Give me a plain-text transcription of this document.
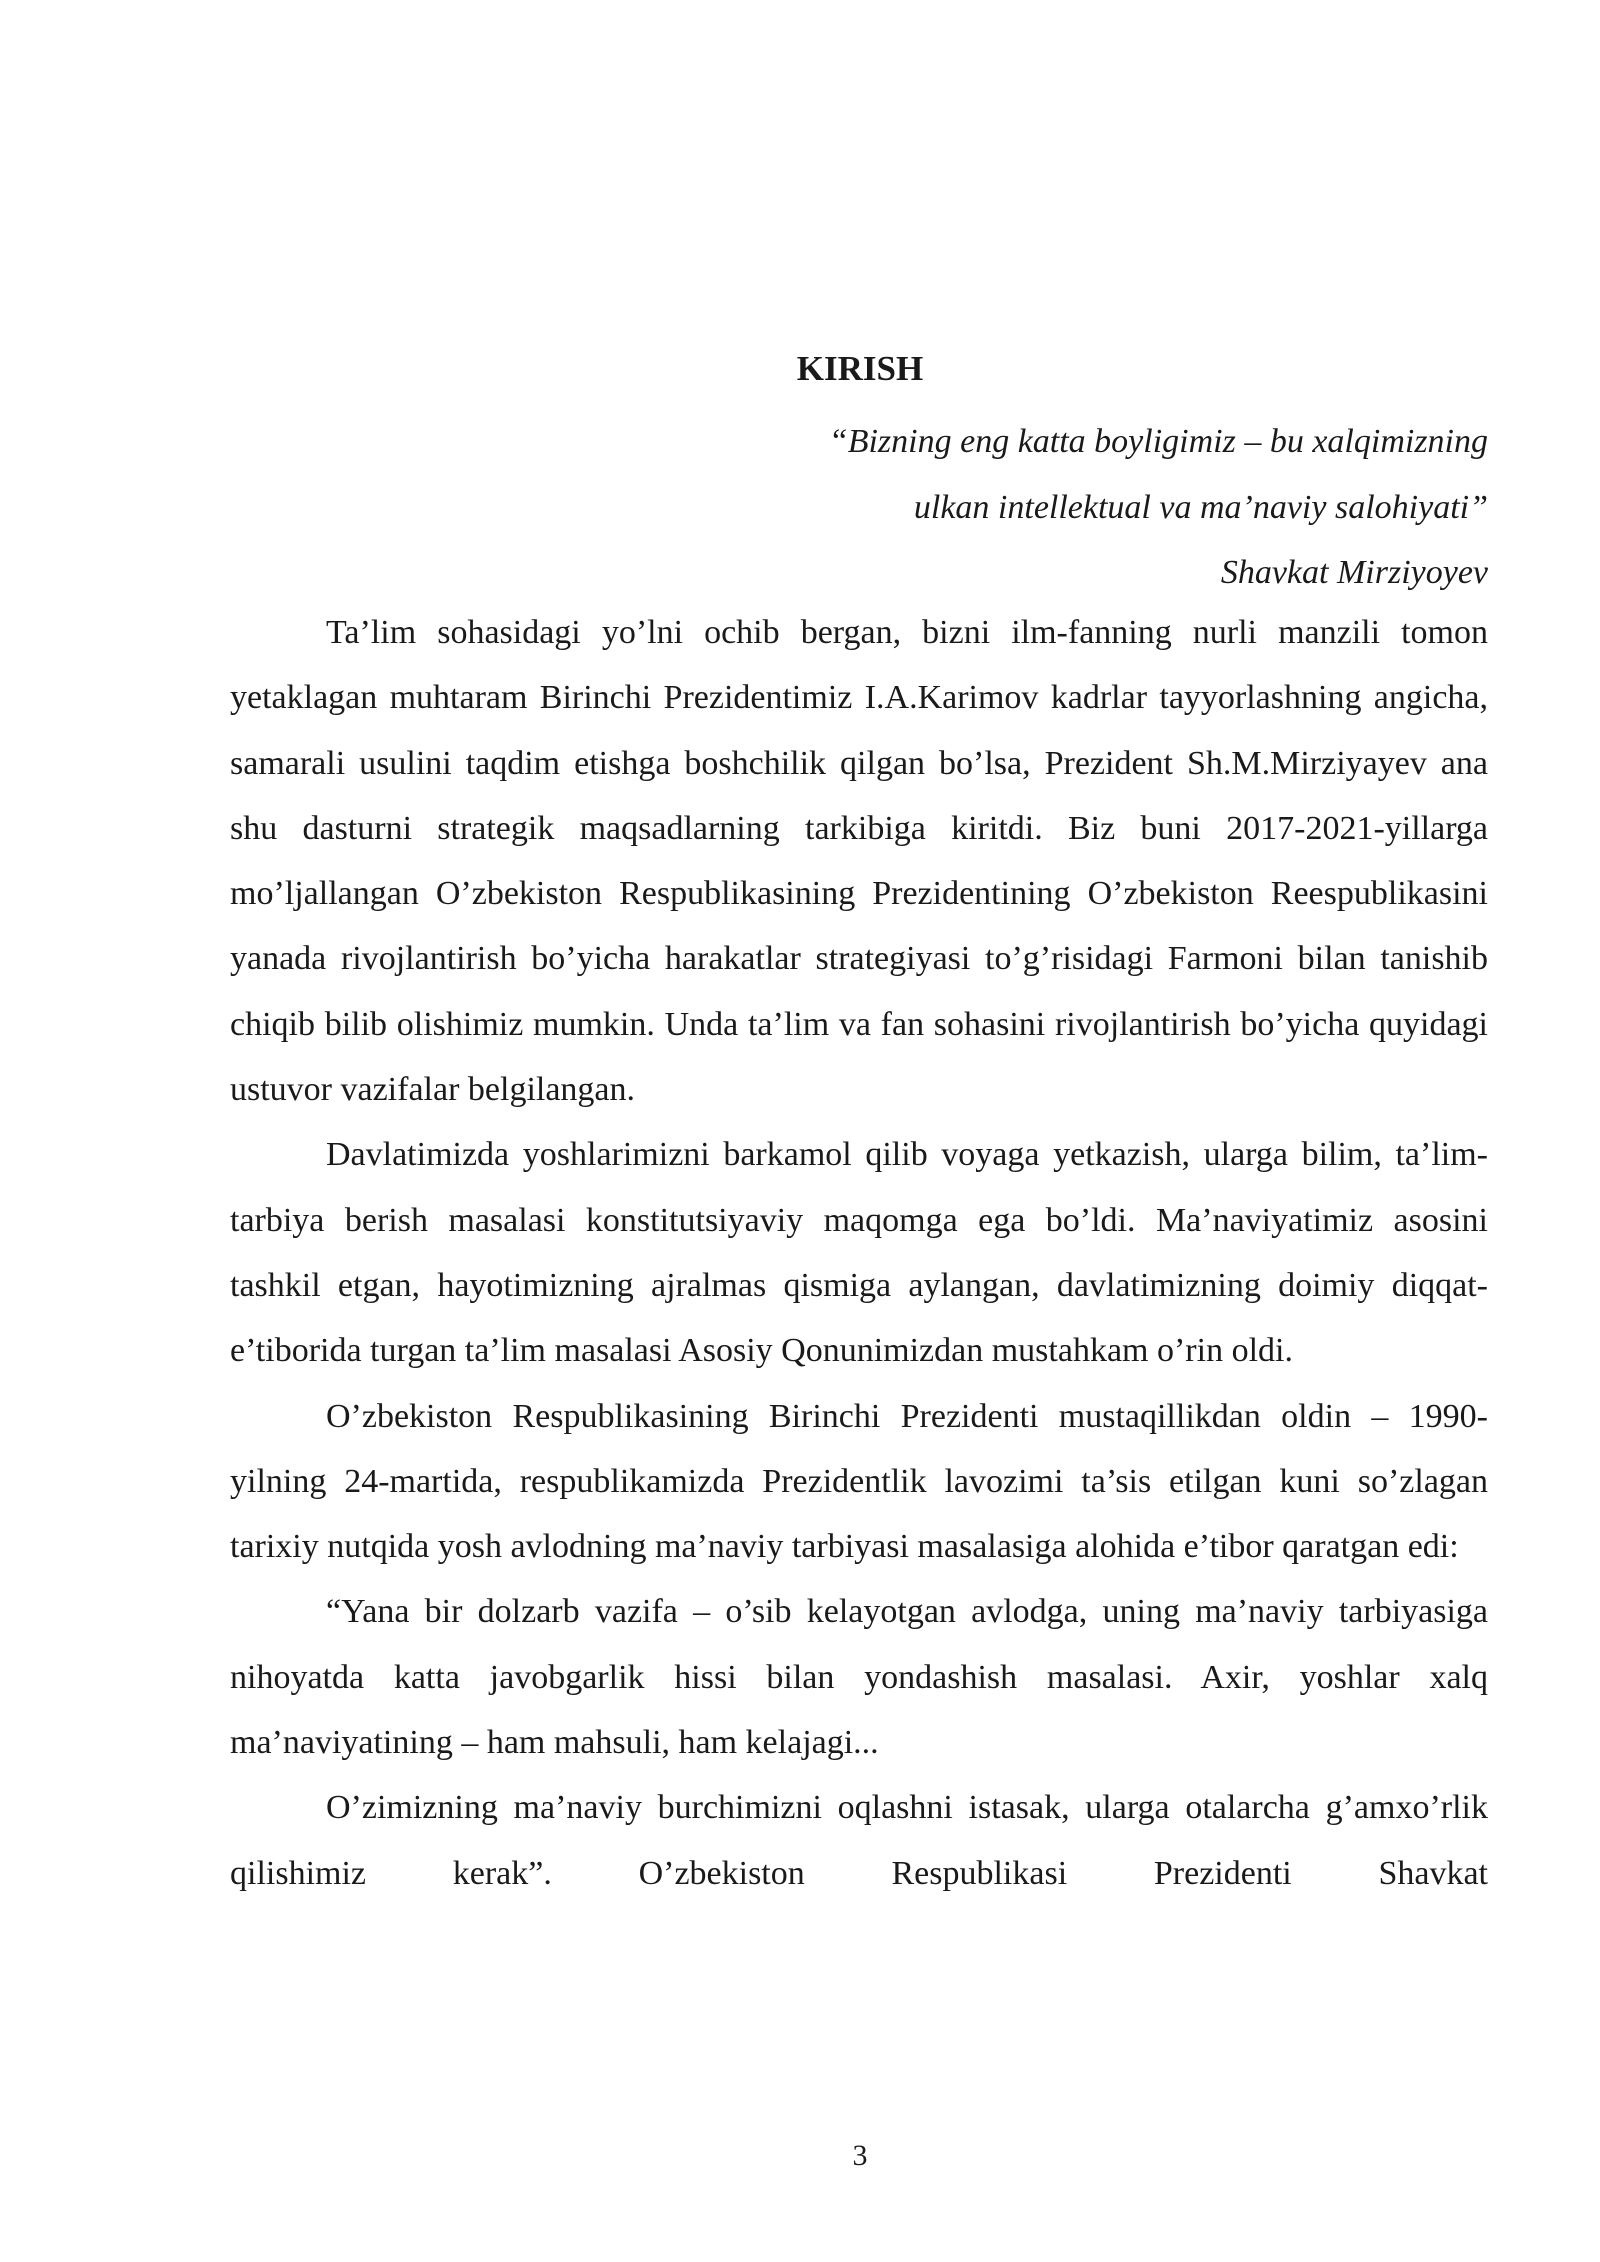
KIRISH
“Bizning eng katta boyligimiz – bu xalqimizning
ulkan intellektual va ma’naviy salohiyati”
Shavkat Mirziyoyev

Ta’lim sohasidagi yo’lni ochib bergan, bizni ilm-fanning nurli manzili tomon yetaklagan muhtaram Birinchi Prezidentimiz I.A.Karimov kadrlar tayyorlashning angicha, samarali usulini taqdim etishga boshchilik qilgan bo’lsa, Prezident Sh.M.Mirziyayev ana shu dasturni strategik maqsadlarning tarkibiga kiritdi. Biz buni 2017-2021-yillarga mo’ljallangan O’zbekiston Respublikasining Prezidentining O’zbekiston Reespublikasini yanada rivojlantirish bo’yicha harakatlar strategiyasi to’g’risidagi Farmoni bilan tanishib chiqib bilib olishimiz mumkin. Unda ta’lim va fan sohasini rivojlantirish bo’yicha quyidagi ustuvor vazifalar belgilangan.

Davlatimizda yoshlarimizni barkamol qilib voyaga yetkazish, ularga bilim, ta’lim-tarbiya berish masalasi konstitutsiyaviy maqomga ega bo’ldi. Ma’naviyatimiz asosini tashkil etgan, hayotimizning ajralmas qismiga aylangan, davlatimizning doimiy diqqat-e’tiborida turgan ta’lim masalasi Asosiy Qonunimizdan mustahkam o’rin oldi.

O’zbekiston Respublikasining Birinchi Prezidenti mustaqillikdan oldin – 1990-yilning 24-martida, respublikamizda Prezidentlik lavozimi ta’sis etilgan kuni so’zlagan tarixiy nutqida yosh avlodning ma’naviy tarbiyasi masalasiga alohida e’tibor qaratgan edi:

“Yana bir dolzarb vazifa – o’sib kelayotgan avlodga, uning ma’naviy tarbiyasiga nihoyatda katta javobgarlik hissi bilan yondashish masalasi. Axir, yoshlar xalq ma’naviyatining – ham mahsuli, ham kelajagi...

O’zimizning ma’naviy burchimizni oqlashni istasak, ularga otalarcha g’amxo’rlik qilishimiz kerak”. O’zbekiston Respublikasi Prezidenti Shavkat

3
